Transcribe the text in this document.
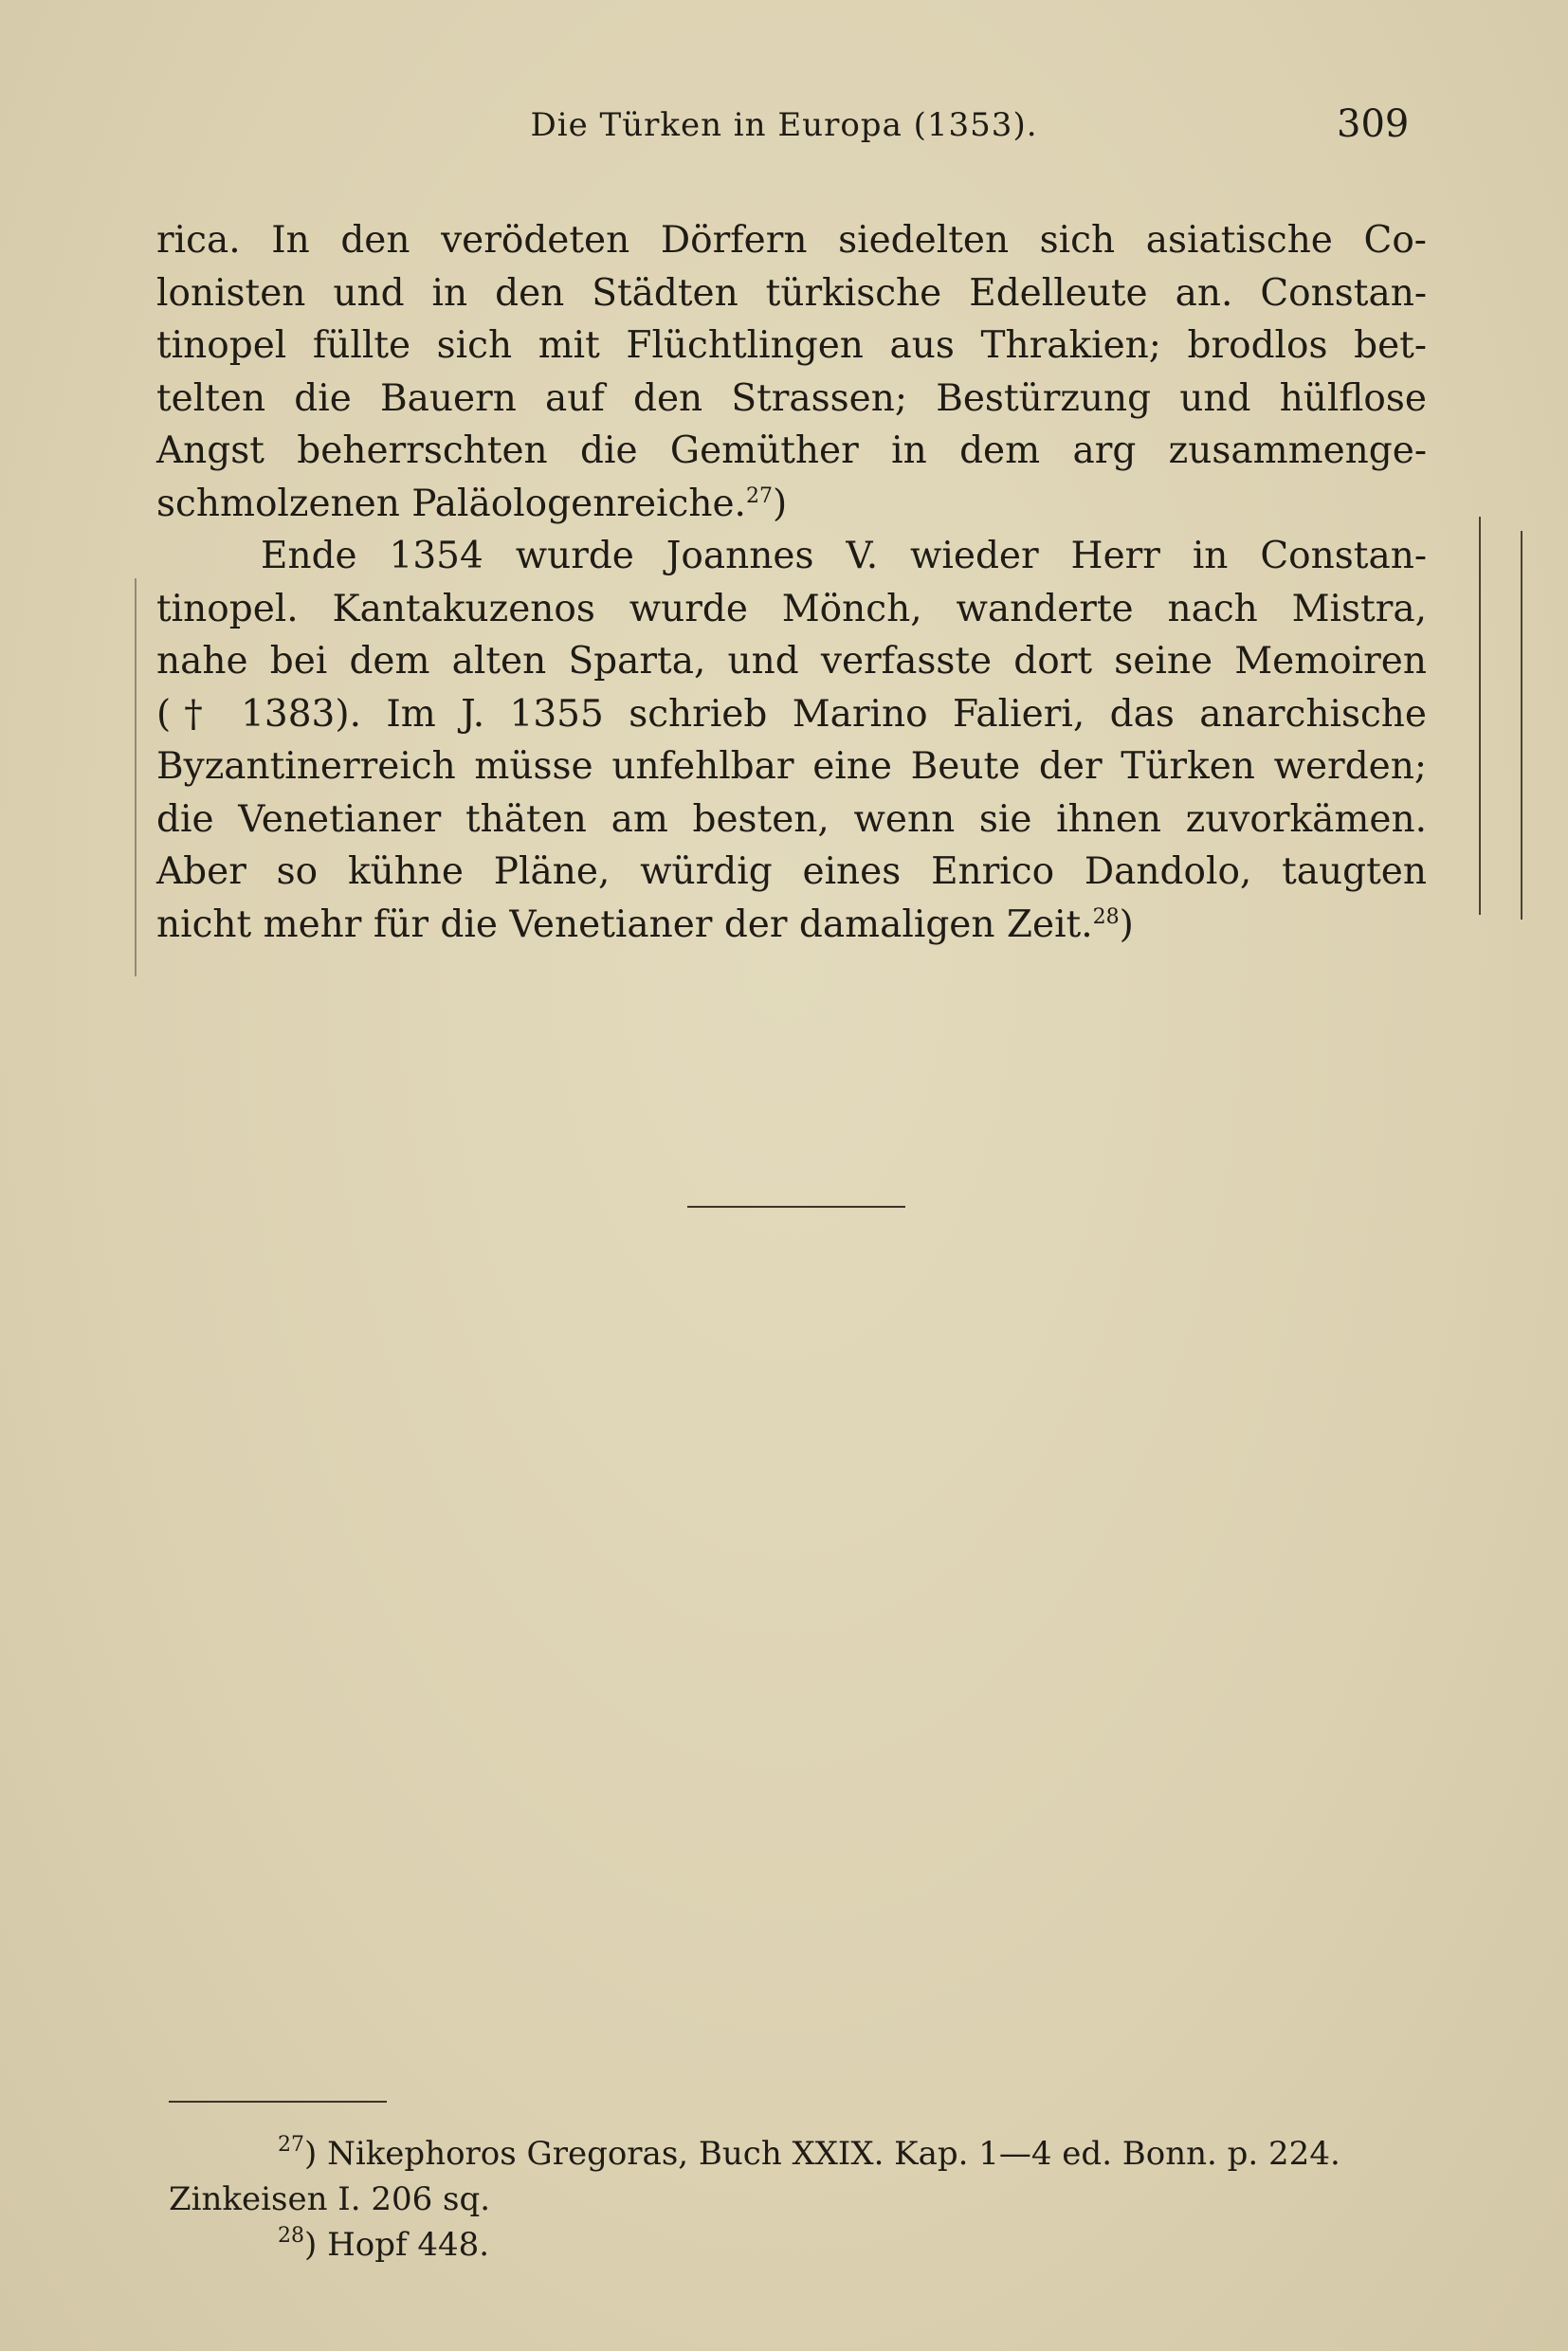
Die Türken in Europa (1353).	309
rica. In den verödeten Dörfern siedelten sich asiatische Co-
lonisten und in den Städten türkische Edelleute an. Constan-
tinopel füllte sich mit Flüchtlingen aus Thrakien; brodlos bet-
telten die Bauern auf den Strassen; Bestürzung und hülflose
Angst beherrschten die Gemüther in dem arg zusammenge-
schmolzenen Paläologenreiche.$^{27}$)
Ende 1354 wurde Joannes V. wieder Herr in Constan-
tinopel. Kantakuzenos wurde Mönch, wanderte nach Mistra,
nahe bei dem alten Sparta, und verfasste dort seine Memoiren
(† 1383). Im J. 1355 schrieb Marino Falieri, das anarchische
Byzantinerreich müsse unfehlbar eine Beute der Türken werden;
die Venetianer thäten am besten, wenn sie ihnen zuvorkämen.
Aber so kühne Pläne, würdig eines Enrico Dandolo, taugten
nicht mehr für die Venetianer der damaligen Zeit.$^{28}$)
$^{27}$) Nikephoros Gregoras, Buch XXIX. Kap. 1—4 ed. Bonn. p. 224.
Zinkeisen I. 206 sq.
$^{28}$) Hopf 448.
